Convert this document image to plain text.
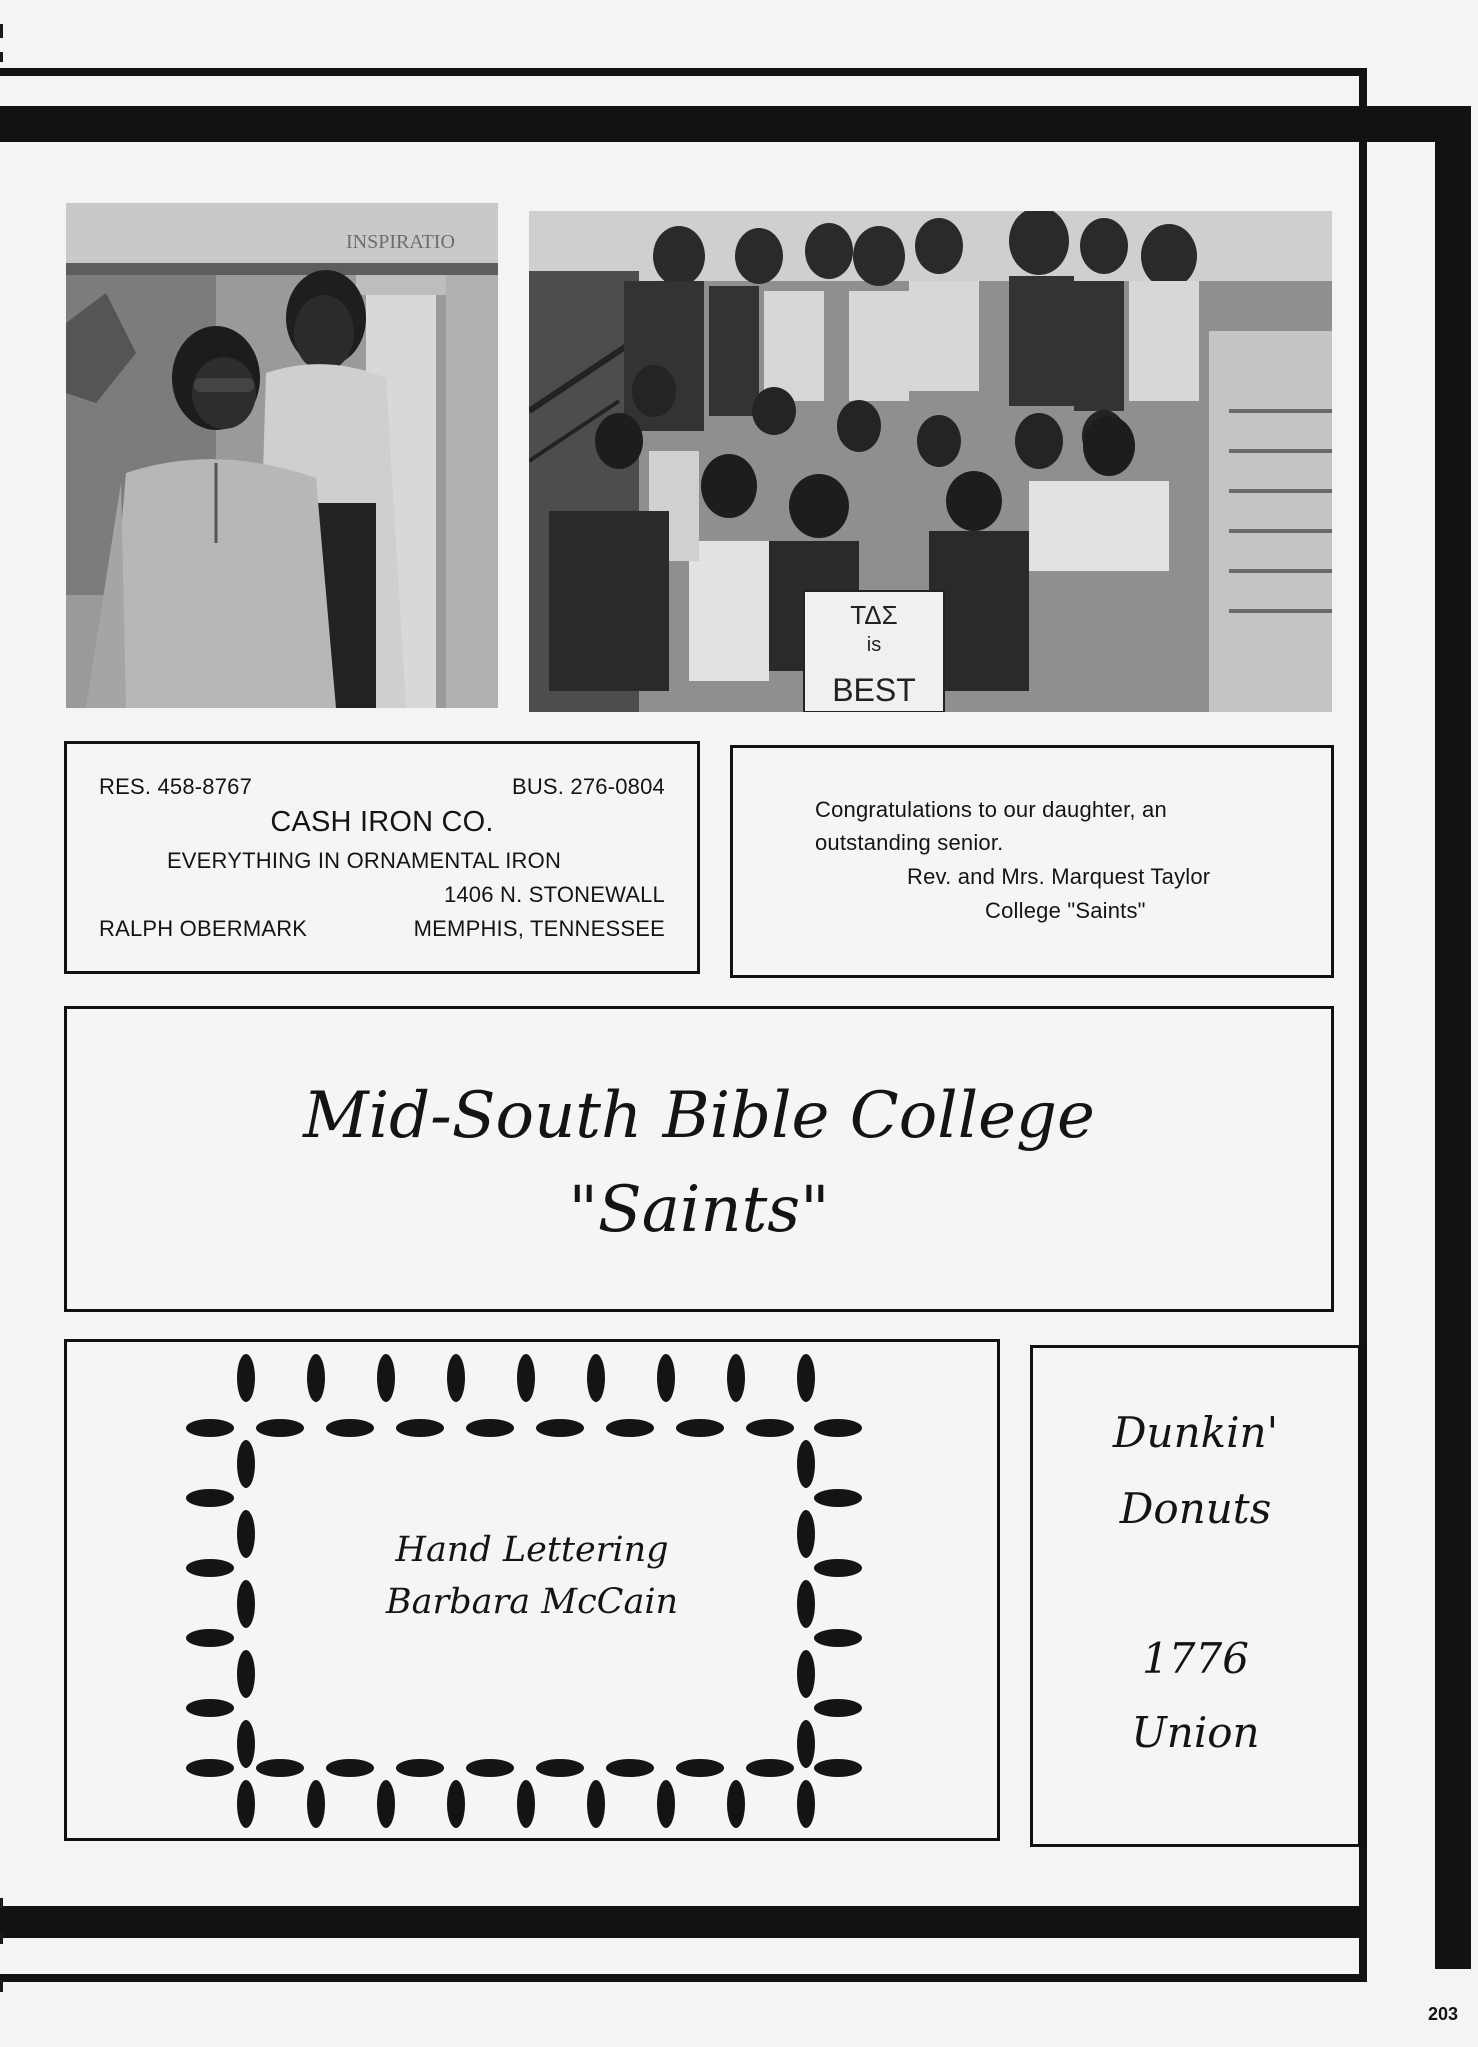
INSPIRATIO
ΤΔΣ
is
BEST
RES. 458-8767	BUS. 276-0804
CASH IRON CO.
EVERYTHING IN ORNAMENTAL IRON
1406 N. STONEWALL
RALPH OBERMARK	MEMPHIS, TENNESSEE
Congratulations to our daughter, an
outstanding senior.
Rev. and Mrs. Marquest Taylor
College "Saints"
Mid-South Bible College
"Saints"
Hand Lettering
Barbara McCain
Dunkin'
Donuts
1776
Union
203
